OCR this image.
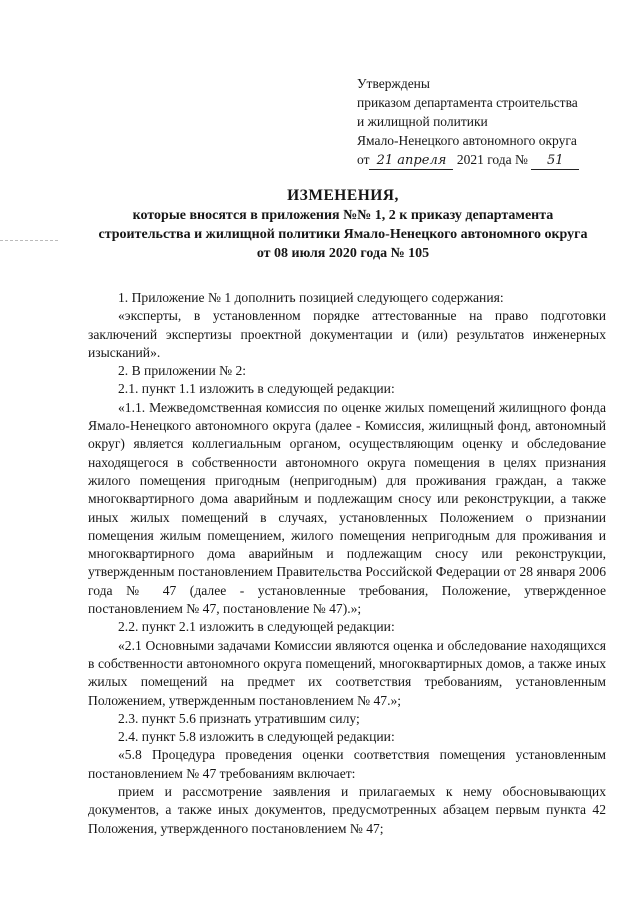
Утверждены
приказом департамента строительства
и жилищной политики
Ямало-Ненецкого автономного округа
от 21 апреля 2021 года № 51
ИЗМЕНЕНИЯ,
которые вносятся в приложения №№ 1, 2 к приказу департамента
строительства и жилищной политики Ямало-Ненецкого автономного округа
от 08 июля 2020 года № 105

1. Приложение № 1 дополнить позицией следующего содержания:

«эксперты, в установленном порядке аттестованные на право подготовки заключений экспертизы проектной документации и (или) результатов инженерных изысканий».

2. В приложении № 2:

2.1. пункт 1.1 изложить в следующей редакции:

«1.1. Межведомственная комиссия по оценке жилых помещений жилищного фонда Ямало-Ненецкого автономного округа (далее - Комиссия, жилищный фонд, автономный округ) является коллегиальным органом, осуществляющим оценку и обследование находящегося в собственности автономного округа помещения в целях признания жилого помещения пригодным (непригодным) для проживания граждан, а также многоквартирного дома аварийным и подлежащим сносу или реконструкции, а также иных жилых помещений в случаях, установленных Положением о признании помещения жилым помещением, жилого помещения непригодным для проживания и многоквартирного дома аварийным и подлежащим сносу или реконструкции, утвержденным постановлением Правительства Российской Федерации от 28 января 2006 года № 47 (далее - установленные требования, Положение, утвержденное постановлением № 47, постановление № 47).»;

2.2. пункт 2.1 изложить в следующей редакции:

«2.1 Основными задачами Комиссии являются оценка и обследование находящихся в собственности автономного округа помещений, многоквартирных домов, а также иных жилых помещений на предмет их соответствия требованиям, установленным Положением, утвержденным постановлением № 47.»;

2.3. пункт 5.6 признать утратившим силу;

2.4. пункт 5.8 изложить в следующей редакции:

«5.8 Процедура проведения оценки соответствия помещения установленным постановлением № 47 требованиям включает:

прием и рассмотрение заявления и прилагаемых к нему обосновывающих документов, а также иных документов, предусмотренных абзацем первым пункта 42 Положения, утвержденного постановлением № 47;
